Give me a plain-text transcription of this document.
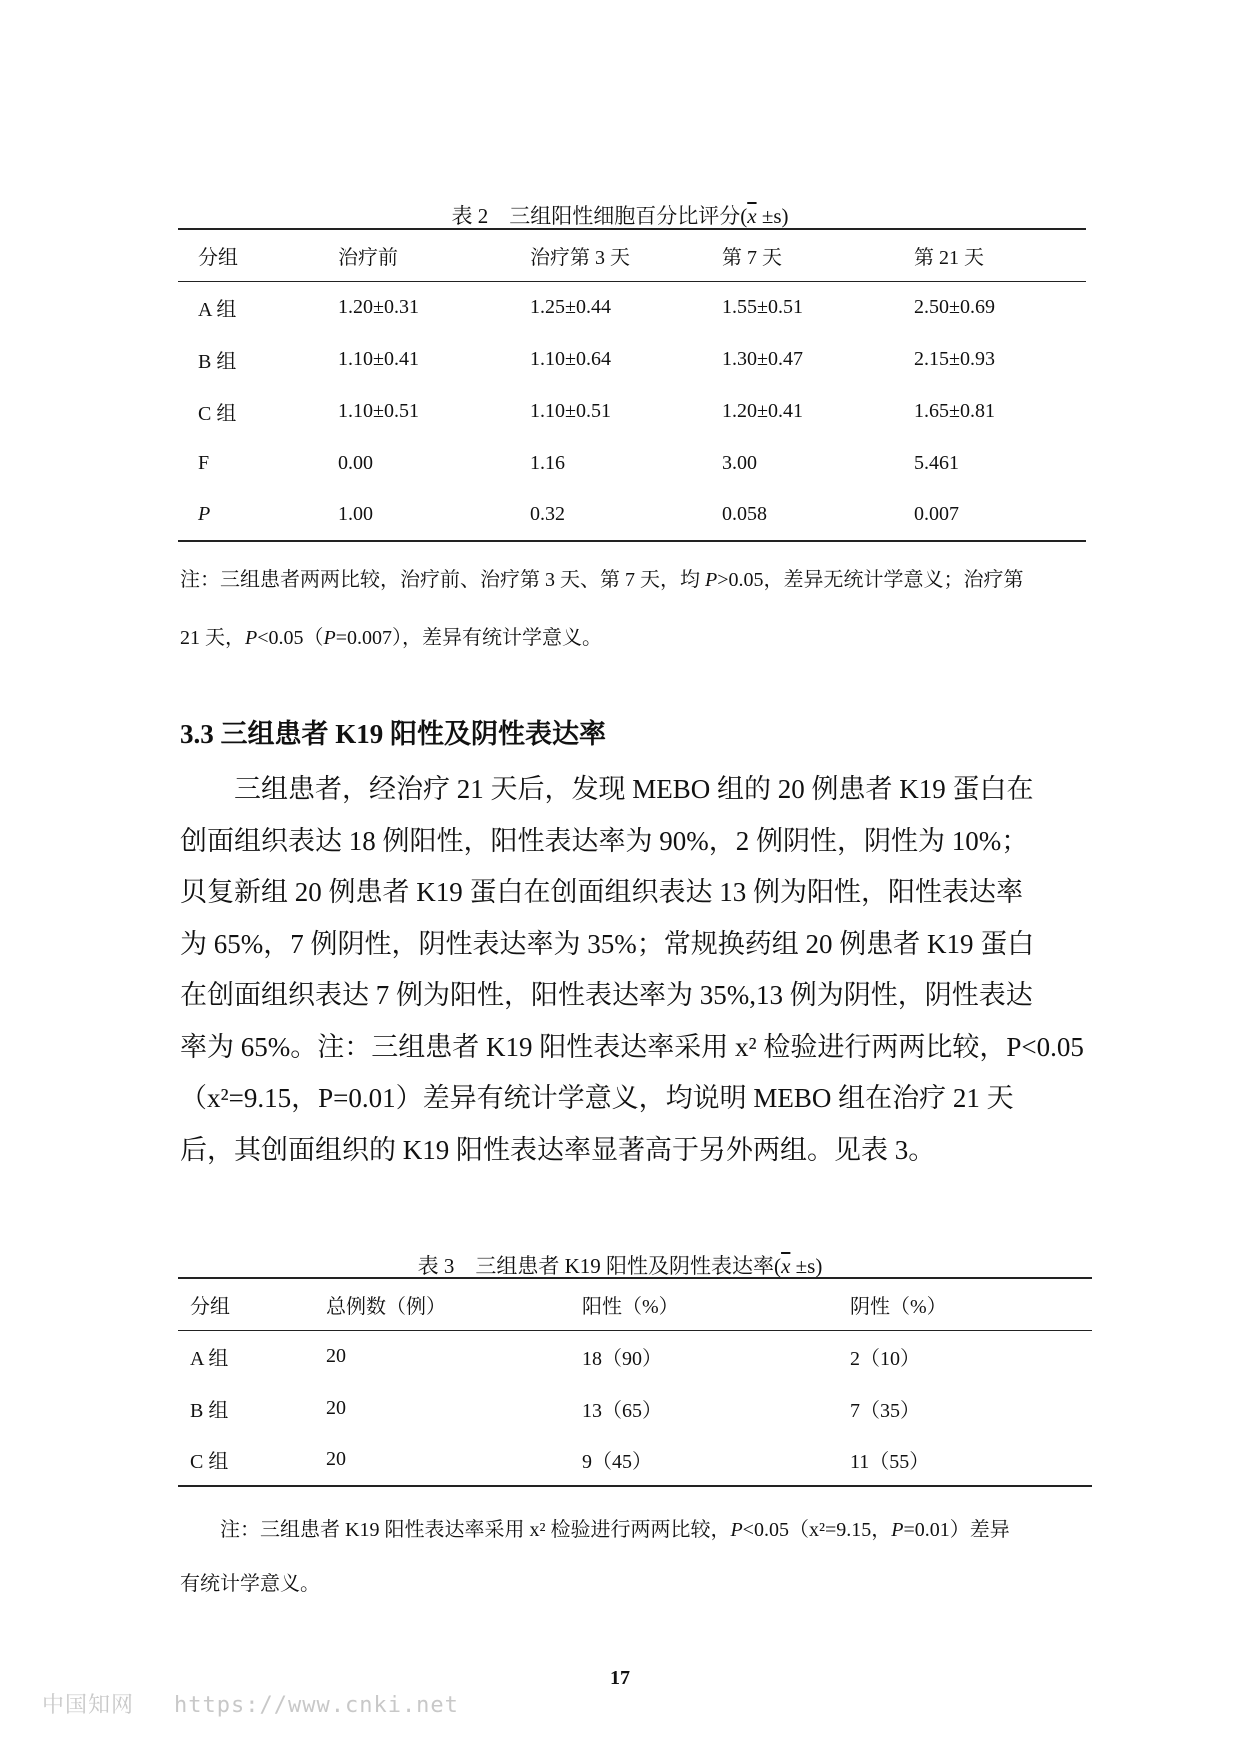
表 2　三组阳性细胞百分比评分$(\overline{x} \pm s)$
分组	治疗前	治疗第 3 天	第 7 天	第 21 天
A 组	1.20±0.31	1.25±0.44	1.55±0.51	2.50±0.69
B 组	1.10±0.41	1.10±0.64	1.30±0.47	2.15±0.93
C 组	1.10±0.51	1.10±0.51	1.20±0.41	1.65±0.81
F	0.00	1.16	3.00	5.461
P	1.00	0.32	0.058	0.007
注：三组患者两两比较，治疗前、治疗第 3 天、第 7 天，均 P>0.05，差异无统计学意义；治疗第
21 天，P<0.05（P=0.007），差异有统计学意义。
3.3 三组患者 K19 阳性及阴性表达率
　　三组患者，经治疗 21 天后，发现 MEBO 组的 20 例患者 K19 蛋白在
创面组织表达 18 例阳性，阳性表达率为 90%，2 例阴性，阴性为 10%；
贝复新组 20 例患者 K19 蛋白在创面组织表达 13 例为阳性，阳性表达率
为 65%，7 例阴性，阴性表达率为 35%；常规换药组 20 例患者 K19 蛋白
在创面组织表达 7 例为阳性，阳性表达率为 35%,13 例为阴性，阴性表达
率为 65%。注：三组患者 K19 阳性表达率采用 x² 检验进行两两比较，P<0.05
（x²=9.15，P=0.01）差异有统计学意义，均说明 MEBO 组在治疗 21 天
后，其创面组织的 K19 阳性表达率显著高于另外两组。见表 3。
表 3　三组患者 K19 阳性及阴性表达率$(\overline{x} \pm s)$
分组	总例数（例）	阳性（%）	阴性（%）
A 组	20	18（90）	2（10）
B 组	20	13（65）	7（35）
C 组	20	9（45）	11（55）
　　注：三组患者 K19 阳性表达率采用 x² 检验进行两两比较，P<0.05（x²=9.15，P=0.01）差异
有统计学意义。
17
中国知网 https://www.cnki.net
